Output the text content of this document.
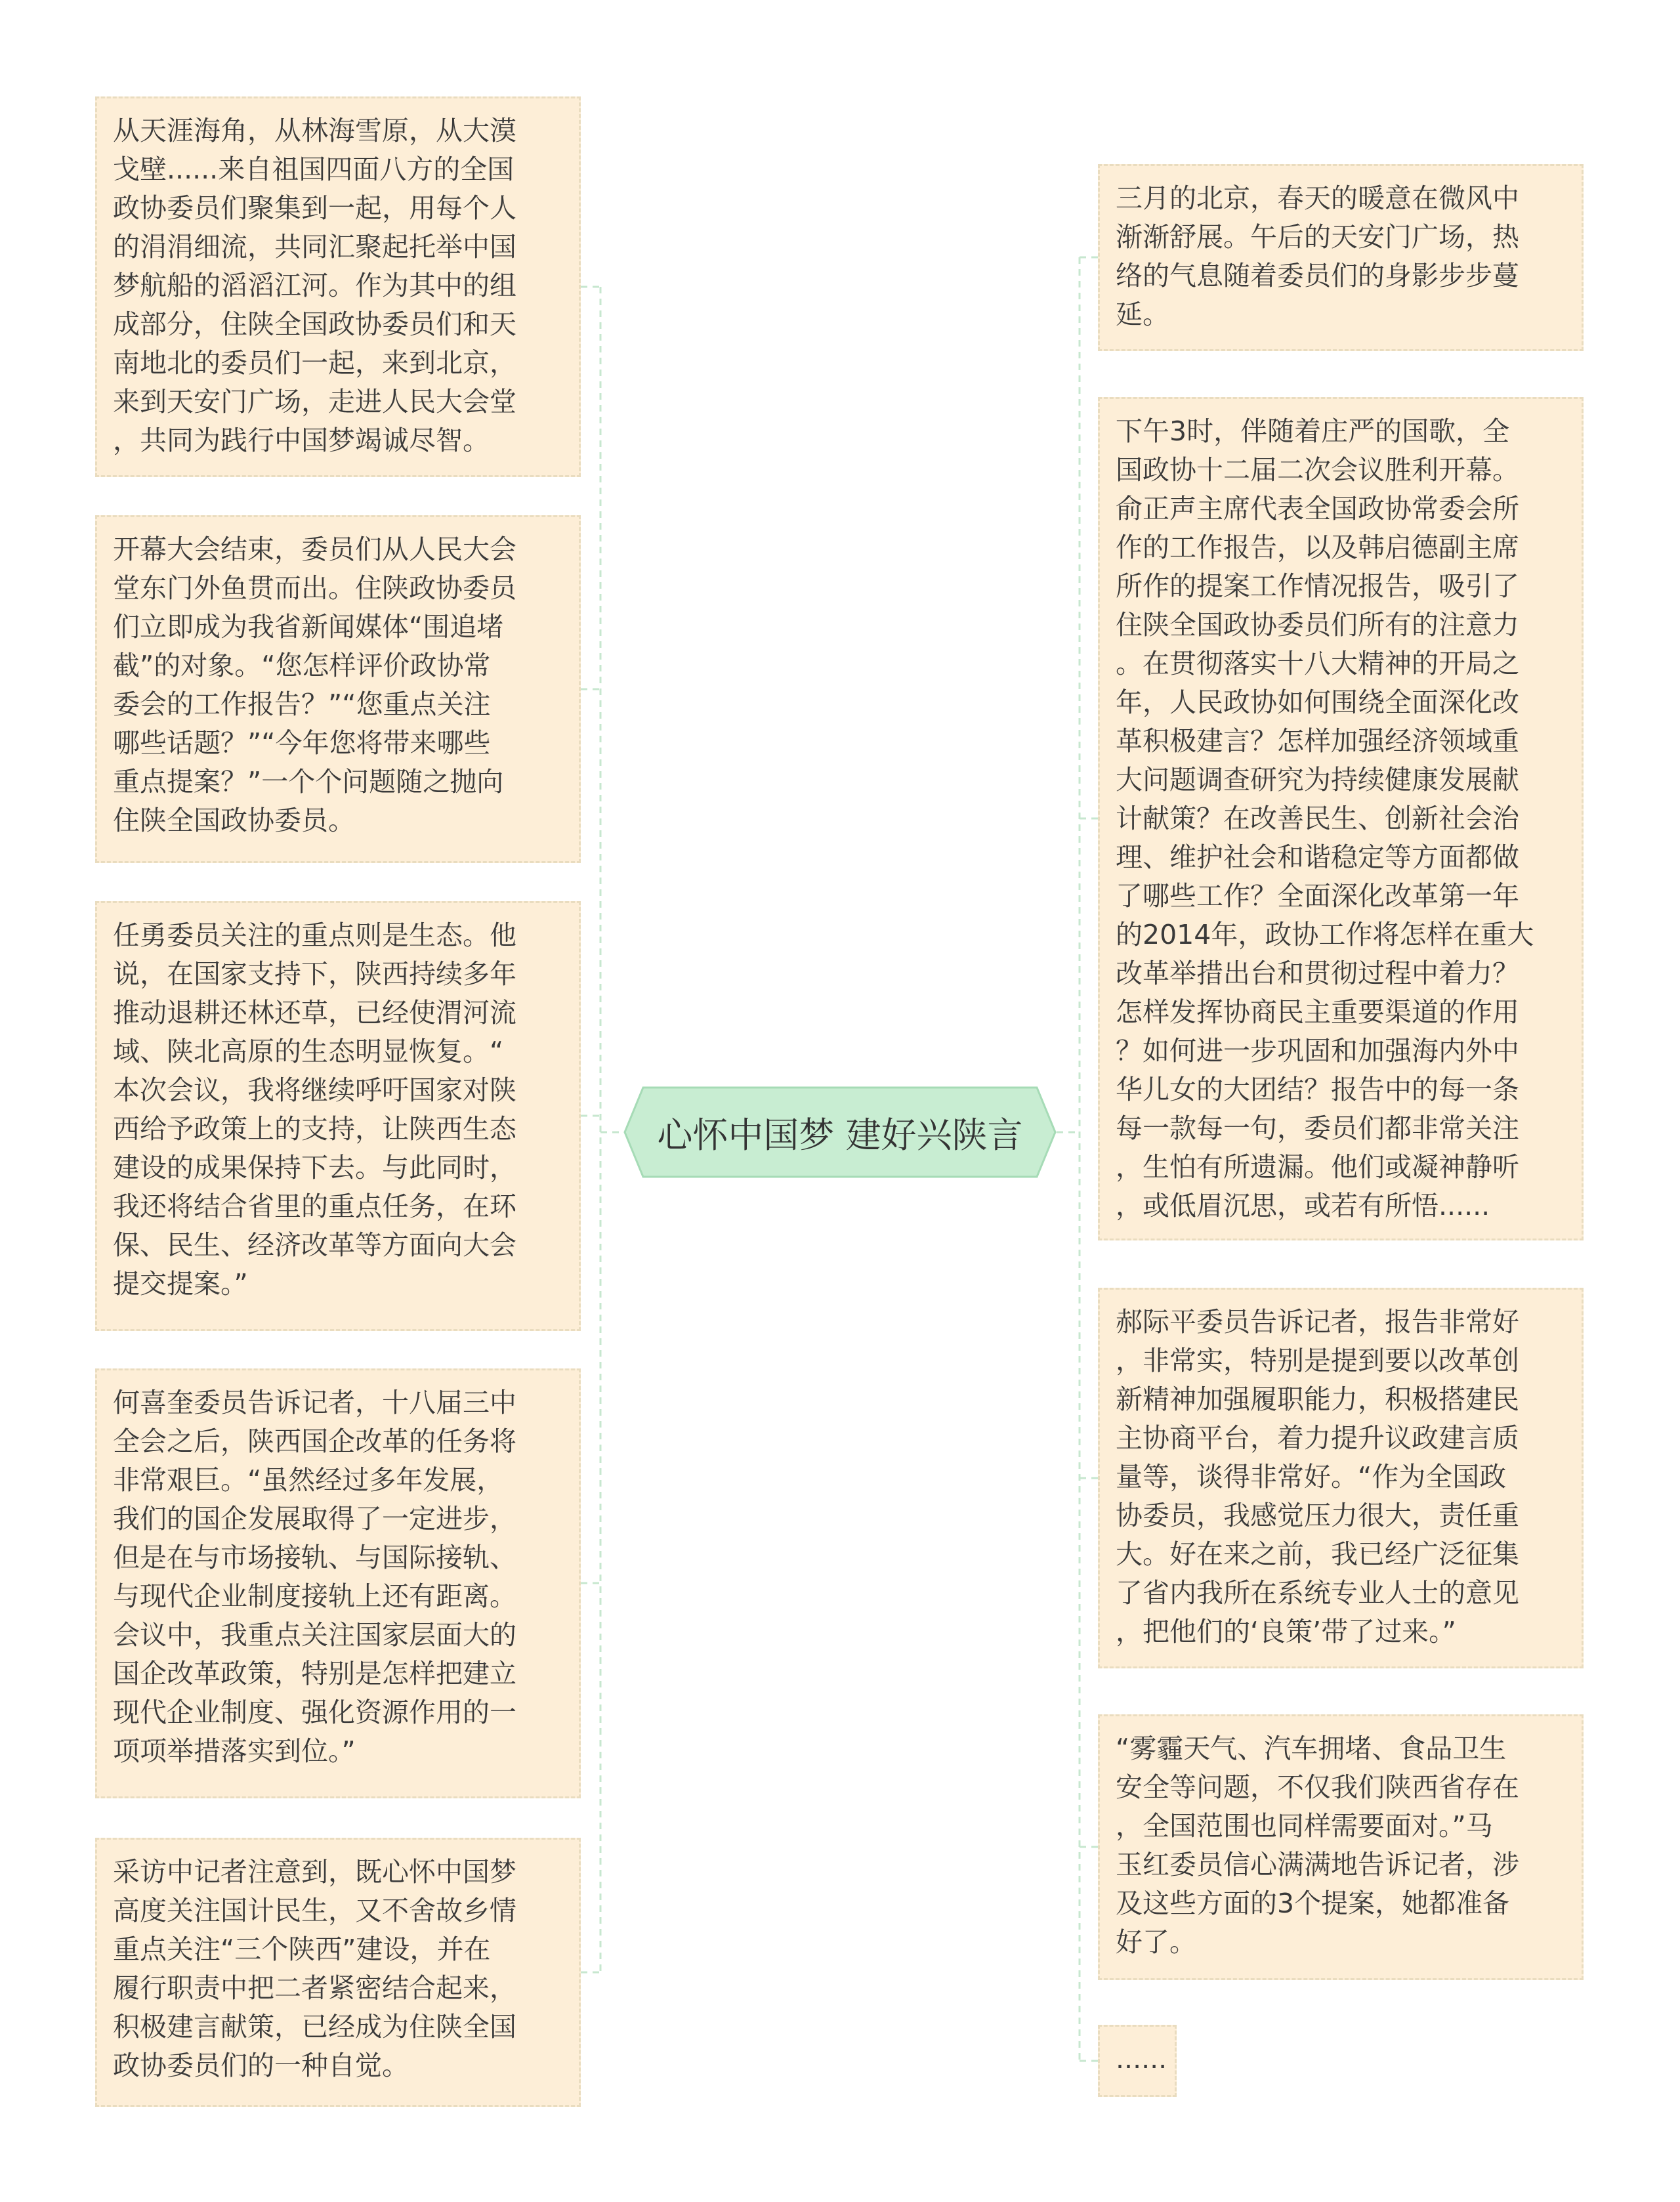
心怀中国梦 建好兴陕言
从天涯海角，从林海雪原，从大漠
戈壁......来自祖国四面八方的全国
政协委员们聚集到一起，用每个人
的涓涓细流，共同汇聚起托举中国
梦航船的滔滔江河。作为其中的组
成部分，住陕全国政协委员们和天
南地北的委员们一起，来到北京，
来到天安门广场，走进人民大会堂
，共同为践行中国梦竭诚尽智。
开幕大会结束，委员们从人民大会
堂东门外鱼贯而出。住陕政协委员
们立即成为我省新闻媒体“围追堵
截”的对象。“您怎样评价政协常
委会的工作报告？”“您重点关注
哪些话题？”“今年您将带来哪些
重点提案？”一个个问题随之抛向
住陕全国政协委员。
任勇委员关注的重点则是生态。他
说，在国家支持下，陕西持续多年
推动退耕还林还草，已经使渭河流
域、陕北高原的生态明显恢复。“
本次会议，我将继续呼吁国家对陕
西给予政策上的支持，让陕西生态
建设的成果保持下去。与此同时，
我还将结合省里的重点任务，在环
保、民生、经济改革等方面向大会
提交提案。”
何喜奎委员告诉记者，十八届三中
全会之后，陕西国企改革的任务将
非常艰巨。“虽然经过多年发展，
我们的国企发展取得了一定进步，
但是在与市场接轨、与国际接轨、
与现代企业制度接轨上还有距离。
会议中，我重点关注国家层面大的
国企改革政策，特别是怎样把建立
现代企业制度、强化资源作用的一
项项举措落实到位。”
采访中记者注意到，既心怀中国梦
高度关注国计民生，又不舍故乡情
重点关注“三个陕西”建设，并在
履行职责中把二者紧密结合起来，
积极建言献策，已经成为住陕全国
政协委员们的一种自觉。
三月的北京，春天的暖意在微风中
渐渐舒展。午后的天安门广场，热
络的气息随着委员们的身影步步蔓
延。
下午3时，伴随着庄严的国歌，全
国政协十二届二次会议胜利开幕。
俞正声主席代表全国政协常委会所
作的工作报告，以及韩启德副主席
所作的提案工作情况报告，吸引了
住陕全国政协委员们所有的注意力
。在贯彻落实十八大精神的开局之
年，人民政协如何围绕全面深化改
革积极建言？怎样加强经济领域重
大问题调查研究为持续健康发展献
计献策？在改善民生、创新社会治
理、维护社会和谐稳定等方面都做
了哪些工作？全面深化改革第一年
的2014年，政协工作将怎样在重大
改革举措出台和贯彻过程中着力？
怎样发挥协商民主重要渠道的作用
？如何进一步巩固和加强海内外中
华儿女的大团结？报告中的每一条
每一款每一句，委员们都非常关注
，生怕有所遗漏。他们或凝神静听
，或低眉沉思，或若有所悟......
郝际平委员告诉记者，报告非常好
，非常实，特别是提到要以改革创
新精神加强履职能力，积极搭建民
主协商平台，着力提升议政建言质
量等，谈得非常好。“作为全国政
协委员，我感觉压力很大，责任重
大。好在来之前，我已经广泛征集
了省内我所在系统专业人士的意见
，把他们的‘良策’带了过来。”
“雾霾天气、汽车拥堵、食品卫生
安全等问题，不仅我们陕西省存在
，全国范围也同样需要面对。”马
玉红委员信心满满地告诉记者，涉
及这些方面的3个提案，她都准备
好了。
......
